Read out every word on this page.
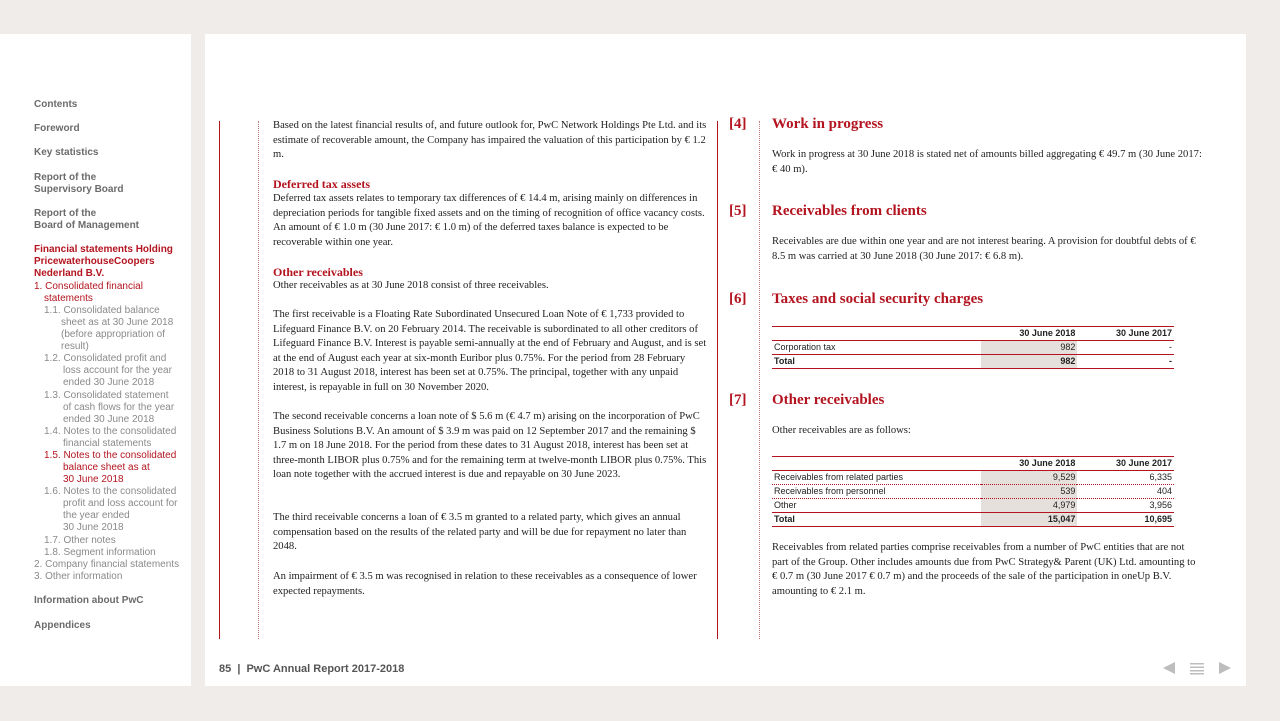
Contents
Foreword
Key statistics
Report of the
Supervisory Board
Report of the
Board of Management
Financial statements Holding
PricewaterhouseCoopers
Nederland B.V.
1. Consolidated financial
statements
1.1. Consolidated balance
sheet as at 30 June 2018
(before appropriation of
result)
1.2. Consolidated profit and
loss account for the year
ended 30 June 2018
1.3. Consolidated statement
of cash flows for the year
ended 30 June 2018
1.4. Notes to the consolidated
financial statements
1.5. Notes to the consolidated
balance sheet as at
30 June 2018
1.6. Notes to the consolidated
profit and loss account for
the year ended
30 June 2018
1.7. Other notes
1.8. Segment information
2. Company financial statements
3. Other information
Information about PwC
Appendices
Based on the latest financial results of, and future outlook for, PwC Network Holdings Pte Ltd. and its estimate of recoverable amount, the Company has impaired the valuation of this participation by € 1.2 m.
Deferred tax assets
Deferred tax assets relates to temporary tax differences of € 14.4 m, arising mainly on differences in depreciation periods for tangible fixed assets and on the timing of recognition of office vacancy costs. An amount of € 1.0 m (30 June 2017: € 1.0 m) of the deferred taxes balance is expected to be recoverable within one year.
Other receivables
Other receivables as at 30 June 2018 consist of three receivables.
The first receivable is a Floating Rate Subordinated Unsecured Loan Note of € 1,733 provided to Lifeguard Finance B.V. on 20 February 2014. The receivable is subordinated to all other creditors of Lifeguard Finance B.V. Interest is payable semi-annually at the end of February and August, and is set at the end of August each year at six-month Euribor plus 0.75%. For the period from 28 February 2018 to 31 August 2018, interest has been set at 0.75%. The principal, together with any unpaid interest, is repayable in full on 30 November 2020.
The second receivable concerns a loan note of $ 5.6 m (€ 4.7 m) arising on the incorporation of PwC Business Solutions B.V. An amount of $ 3.9 m was paid on 12 September 2017 and the remaining $ 1.7 m on 18 June 2018. For the period from these dates to 31 August 2018, interest has been set at three-month LIBOR plus 0.75% and for the remaining term at twelve-month LIBOR plus 0.75%. This loan note together with the accrued interest is due and repayable on 30 June 2023.
The third receivable concerns a loan of € 3.5 m granted to a related party, which gives an annual compensation based on the results of the related party and will be due for repayment no later than 2048.
An impairment of € 3.5 m was recognised in relation to these receivables as a consequence of lower expected repayments.
[4] Work in progress
Work in progress at 30 June 2018 is stated net of amounts billed aggregating € 49.7 m (30 June 2017: € 40 m).
[5] Receivables from clients
Receivables are due within one year and are not interest bearing. A provision for doubtful debts of € 8.5 m was carried at 30 June 2018 (30 June 2017: € 6.8 m).
[6] Taxes and social security charges
	30 June 2018	30 June 2017
Corporation tax	982	-
Total	982	-
[7] Other receivables
Other receivables are as follows:
	30 June 2018	30 June 2017
Receivables from related parties	9,529	6,335
Receivables from personnel	539	404
Other	4,979	3,956
Total	15,047	10,695
Receivables from related parties comprise receivables from a number of PwC entities that are not part of the Group. Other includes amounts due from PwC Strategy& Parent (UK) Ltd. amounting to € 0.7 m (30 June 2017 € 0.7 m) and the proceeds of the sale of the participation in oneUp B.V. amounting to € 2.1 m.
85 | PwC Annual Report 2017-2018
